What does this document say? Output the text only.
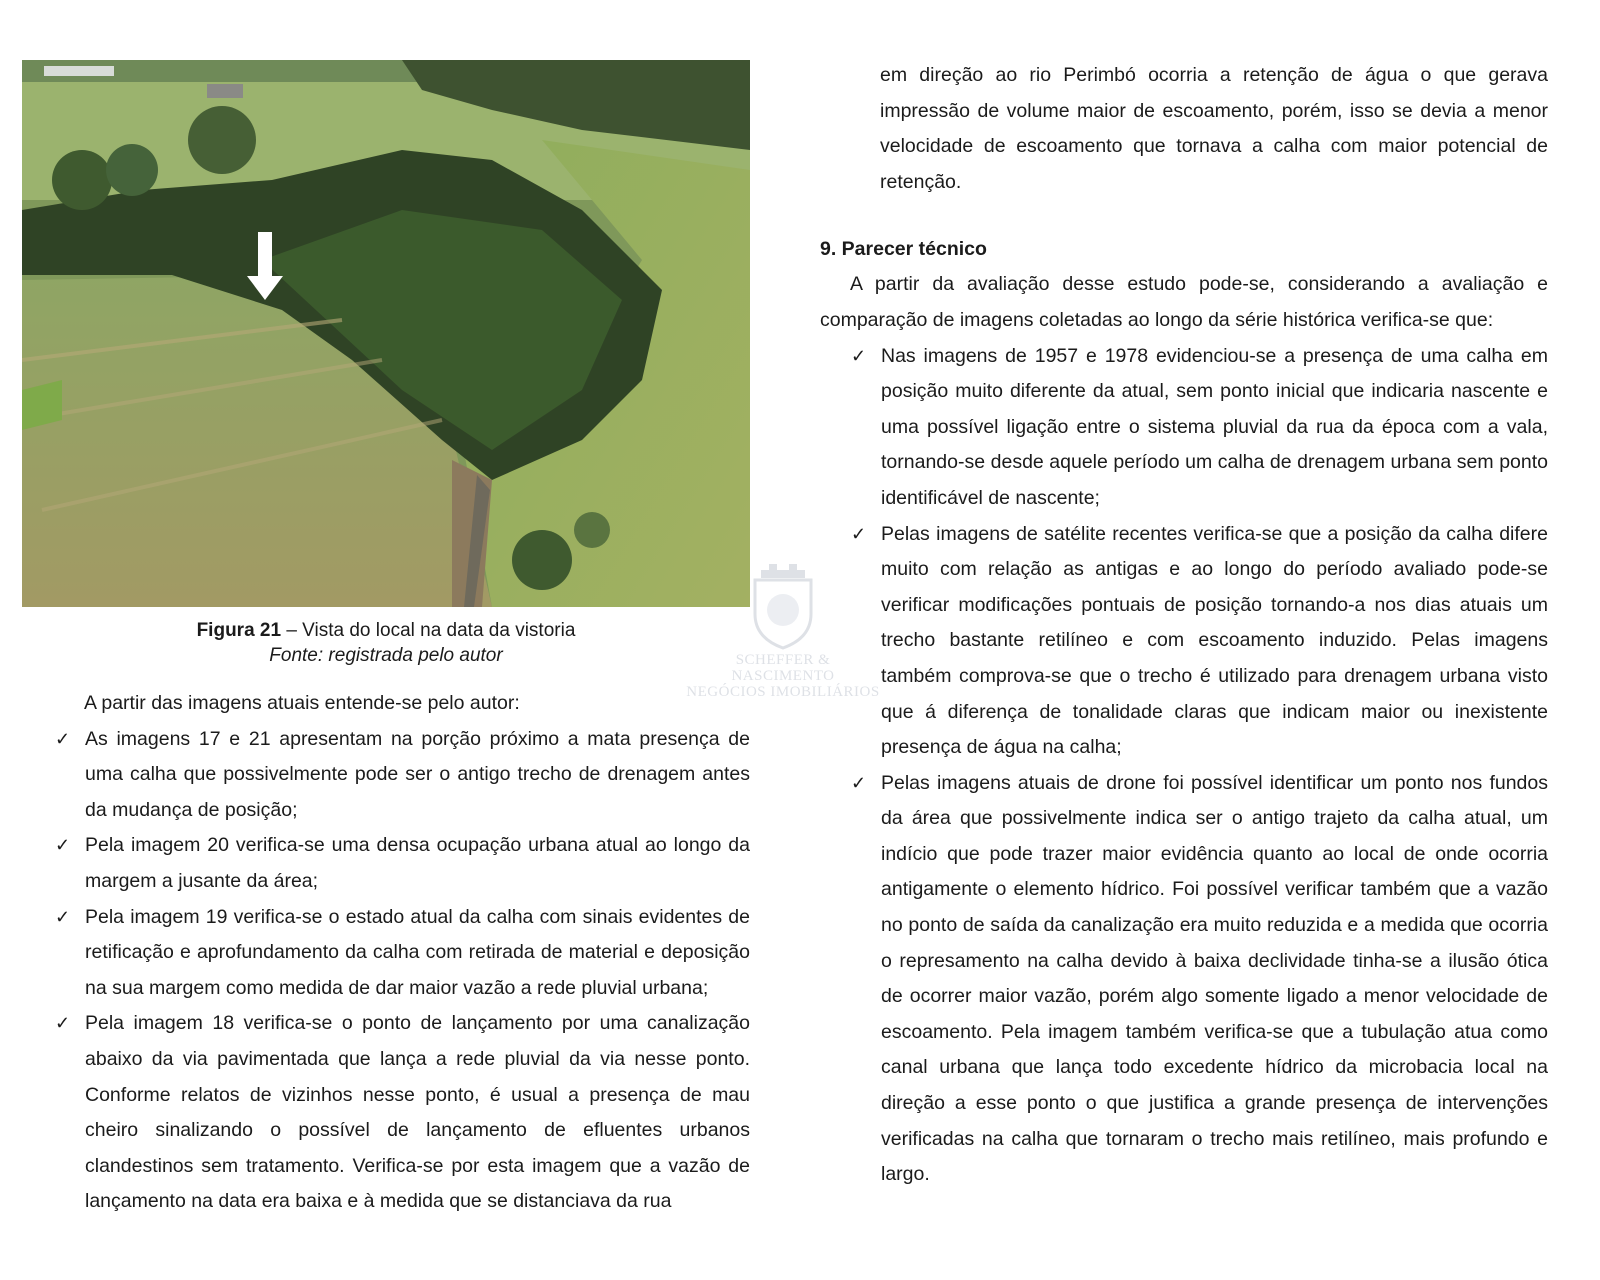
Figura 21 – Vista do local na data da vistoria
Fonte: registrada pelo autor	SCHEFFER & NASCIMENTO
NEGÓCIOS IMOBILIÁRIOS

A partir das imagens atuais entende-se pelo autor:

✓ As imagens 17 e 21 apresentam na porção próximo a mata presença de uma calha que possivelmente pode ser o antigo trecho de drenagem antes da mudança de posição;
✓ Pela imagem 20 verifica-se uma densa ocupação urbana atual ao longo da margem a jusante da área;
✓ Pela imagem 19 verifica-se o estado atual da calha com sinais evidentes de retificação e aprofundamento da calha com retirada de material e deposição na sua margem como medida de dar maior vazão a rede pluvial urbana;
✓ Pela imagem 18 verifica-se o ponto de lançamento por uma canalização abaixo da via pavimentada que lança a rede pluvial da via nesse ponto. Conforme relatos de vizinhos nesse ponto, é usual a presença de mau cheiro sinalizando o possível de lançamento de efluentes urbanos clandestinos sem tratamento. Verifica-se por esta imagem que a vazão de lançamento na data era baixa e à medida que se distanciava da rua

em direção ao rio Perimbó ocorria a retenção de água o que gerava impressão de volume maior de escoamento, porém, isso se devia a menor velocidade de escoamento que tornava a calha com maior potencial de retenção.

9. Parecer técnico

A partir da avaliação desse estudo pode-se, considerando a avaliação e comparação de imagens coletadas ao longo da série histórica verifica-se que:

✓ Nas imagens de 1957 e 1978 evidenciou-se a presença de uma calha em posição muito diferente da atual, sem ponto inicial que indicaria nascente e uma possível ligação entre o sistema pluvial da rua da época com a vala, tornando-se desde aquele período um calha de drenagem urbana sem ponto identificável de nascente;
✓ Pelas imagens de satélite recentes verifica-se que a posição da calha difere muito com relação as antigas e ao longo do período avaliado pode-se verificar modificações pontuais de posição tornando-a nos dias atuais um trecho bastante retilíneo e com escoamento induzido. Pelas imagens também comprova-se que o trecho é utilizado para drenagem urbana visto que á diferença de tonalidade claras que indicam maior ou inexistente presença de água na calha;
✓ Pelas imagens atuais de drone foi possível identificar um ponto nos fundos da área que possivelmente indica ser o antigo trajeto da calha atual, um indício que pode trazer maior evidência quanto ao local de onde ocorria antigamente o elemento hídrico. Foi possível verificar também que a vazão no ponto de saída da canalização era muito reduzida e a medida que ocorria o represamento na calha devido à baixa declividade tinha-se a ilusão ótica de ocorrer maior vazão, porém algo somente ligado a menor velocidade de escoamento. Pela imagem também verifica-se que a tubulação atua como canal urbana que lança todo excedente hídrico da microbacia local na direção a esse ponto o que justifica a grande presença de intervenções verificadas na calha que tornaram o trecho mais retilíneo, mais profundo e largo.
